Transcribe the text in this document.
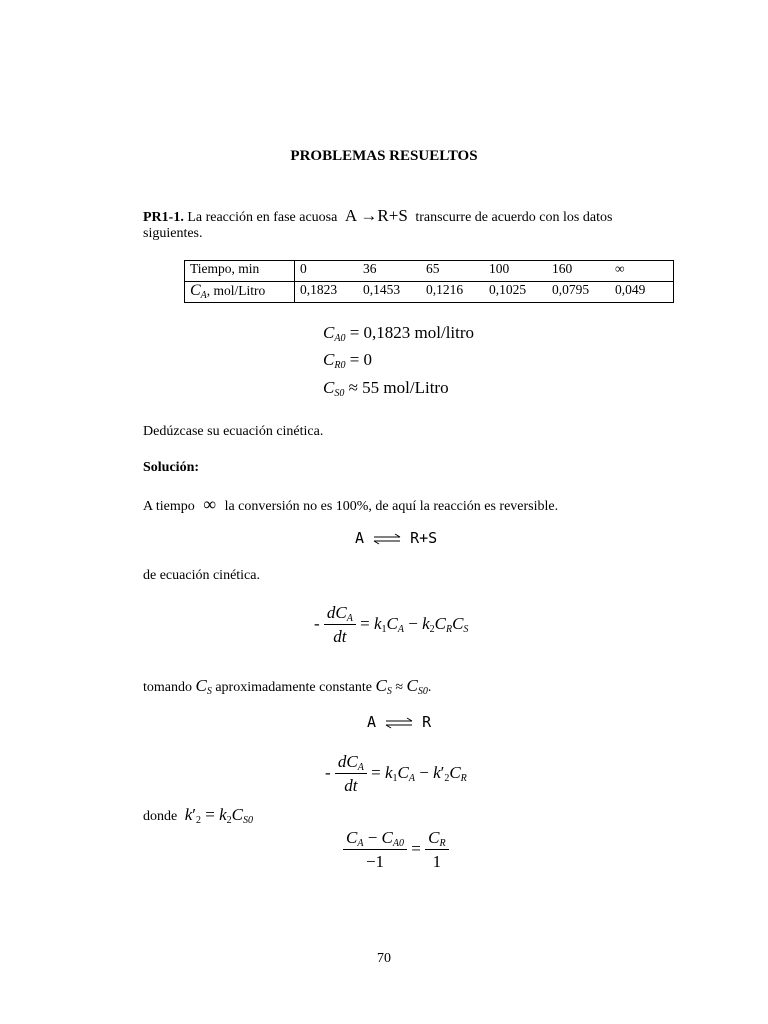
PROBLEMAS RESUELTOS
PR1-1. La reacción en fase acuosa A →R+S transcurre de acuerdo con los datos
siguientes.
Tiempo, min	0	36	65	100	160	∞
$C_A$, mol/Litro	0,1823	0,1453	0,1216	0,1025	0,0795	0,049
$C_{A0} = 0,1823$ mol/litro
$C_{R0} = 0$
$C_{S0} \approx 55$ mol/Litro
Dedúzcase su ecuación cinética.
Solución:
A tiempo ∞ la conversión no es 100%, de aquí la reacción es reversible.
A ⇌ R+S
de ecuación cinética.
- $\frac{dC_A}{dt} = k_1C_A - k_2C_RC_S$
tomando $C_S$ aproximadamente constante $C_S \approx C_{S0}$.
A ⇌ R
- $\frac{dC_A}{dt} = k_1C_A - k'_2C_R$
donde $k'_2 = k_2C_{S0}$
$\frac{C_A - C_{A0}}{-1} = \frac{C_R}{1}$
70
